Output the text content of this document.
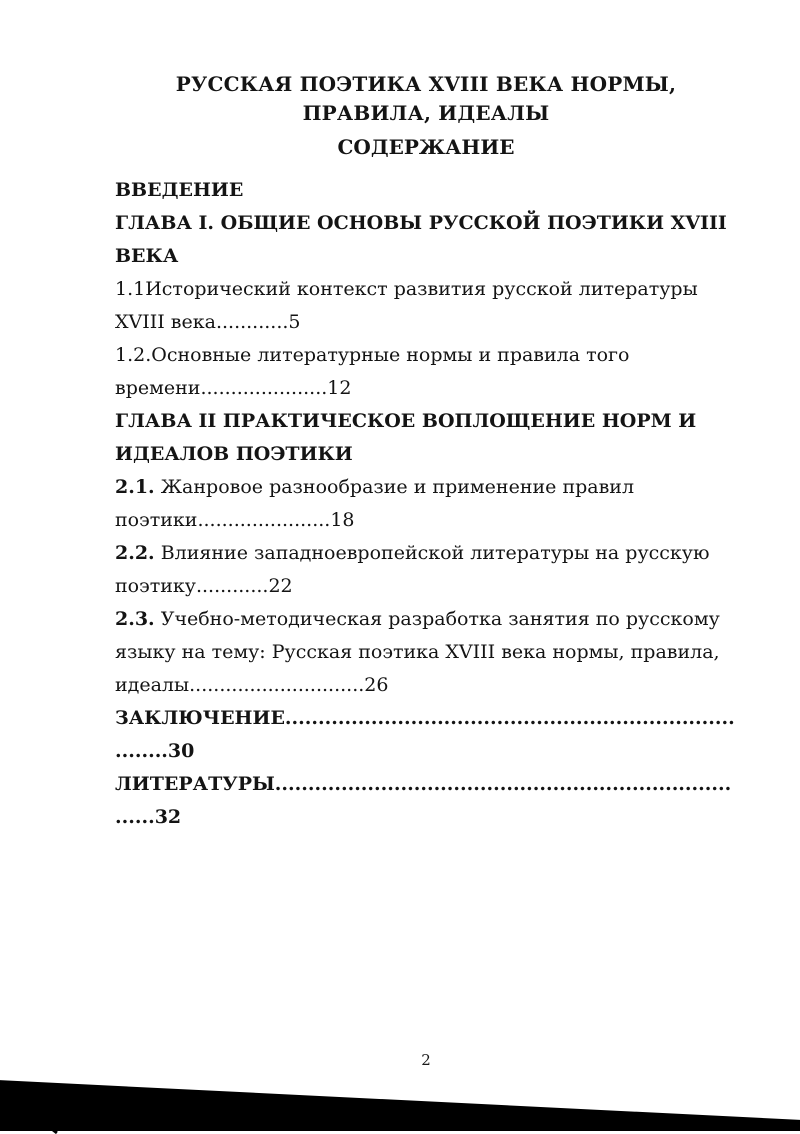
РУССКАЯ ПОЭТИКА XVIII ВЕКА НОРМЫ, ПРАВИЛА, ИДЕАЛЫ
СОДЕРЖАНИЕ

ВВЕДЕНИЕ

ГЛАВА I. ОБЩИЕ ОСНОВЫ РУССКОЙ ПОЭТИКИ XVIII ВЕКА

1.1Исторический контекст развития русской литературы XVIII века............5

1.2.Основные литературные нормы и правила того времени.....................12

ГЛАВА II ПРАКТИЧЕСКОЕ ВОПЛОЩЕНИЕ НОРМ И ИДЕАЛОВ ПОЭТИКИ

2.1. Жанровое разнообразие и применение правил поэтики......................18

2.2. Влияние западноевропейской литературы на русскую поэтику............22

2.3. Учебно-методическая разработка занятия по русскому языку на тему: Русская поэтика XVIII века нормы, правила, идеалы.............................26

ЗАКЛЮЧЕНИЕ............................................................................30

ЛИТЕРАТУРЫ...........................................................................32

2
